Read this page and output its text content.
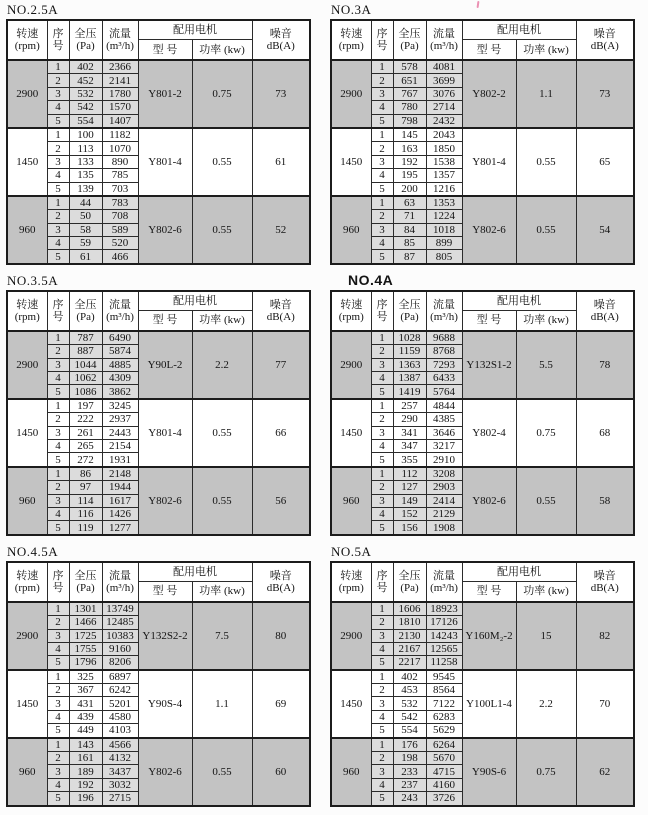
NO.2.5A
转速
(rpm)	序
号	全压
(Pa)	流量
(m³/h)	配用电机		噪音
dB(A)
				型 号	功率 (kw)	
2900	1	402	2366	Y801-2	0.75	73
	2	452	2141			
	3	532	1780			
	4	542	1570			
	5	554	1407			
1450	1	100	1182	Y801-4	0.55	61
	2	113	1070			
	3	133	890			
	4	135	785			
	5	139	703			
960	1	44	783	Y802-6	0.55	52
	2	50	708			
	3	58	589			
	4	59	520			
	5	61	466			
NO.3A
转速
(rpm)	序
号	全压
(Pa)	流量
(m³/h)	配用电机		噪音
dB(A)
				型 号	功率 (kw)	
2900	1	578	4081	Y802-2	1.1	73
	2	651	3699			
	3	767	3076			
	4	780	2714			
	5	798	2432			
1450	1	145	2043	Y801-4	0.55	65
	2	163	1850			
	3	192	1538			
	4	195	1357			
	5	200	1216			
960	1	63	1353	Y802-6	0.55	54
	2	71	1224			
	3	84	1018			
	4	85	899			
	5	87	805			
NO.3.5A
转速
(rpm)	序
号	全压
(Pa)	流量
(m³/h)	配用电机		噪音
dB(A)
				型 号	功率 (kw)	
2900	1	787	6490	Y90L-2	2.2	77
	2	887	5874			
	3	1044	4885			
	4	1062	4309			
	5	1086	3862			
1450	1	197	3245	Y801-4	0.55	66
	2	222	2937			
	3	261	2443			
	4	265	2154			
	5	272	1931			
960	1	86	2148	Y802-6	0.55	56
	2	97	1944			
	3	114	1617			
	4	116	1426			
	5	119	1277			
NO.4A
转速
(rpm)	序
号	全压
(Pa)	流量
(m³/h)	配用电机		噪音
dB(A)
				型 号	功率 (kw)	
2900	1	1028	9688	Y132S1-2	5.5	78
	2	1159	8768			
	3	1363	7293			
	4	1387	6433			
	5	1419	5764			
1450	1	257	4844	Y802-4	0.75	68
	2	290	4385			
	3	341	3646			
	4	347	3217			
	5	355	2910			
960	1	112	3208	Y802-6	0.55	58
	2	127	2903			
	3	149	2414			
	4	152	2129			
	5	156	1908			
NO.4.5A
转速
(rpm)	序
号	全压
(Pa)	流量
(m³/h)	配用电机		噪音
dB(A)
				型 号	功率 (kw)	
2900	1	1301	13749	Y132S2-2	7.5	80
	2	1466	12485			
	3	1725	10383			
	4	1755	9160			
	5	1796	8206			
1450	1	325	6897	Y90S-4	1.1	69
	2	367	6242			
	3	431	5201			
	4	439	4580			
	5	449	4103			
960	1	143	4566	Y802-6	0.55	60
	2	161	4132			
	3	189	3437			
	4	192	3032			
	5	196	2715			
NO.5A
转速
(rpm)	序
号	全压
(Pa)	流量
(m³/h)	配用电机		噪音
dB(A)
				型 号	功率 (kw)	
2900	1	1606	18923	Y160M₂-2	15	82
	2	1810	17126			
	3	2130	14243			
	4	2167	12565			
	5	2217	11258			
1450	1	402	9545	Y100L1-4	2.2	70
	2	453	8564			
	3	532	7122			
	4	542	6283			
	5	554	5629			
960	1	176	6264	Y90S-6	0.75	62
	2	198	5670			
	3	233	4715			
	4	237	4160			
	5	243	3726			
